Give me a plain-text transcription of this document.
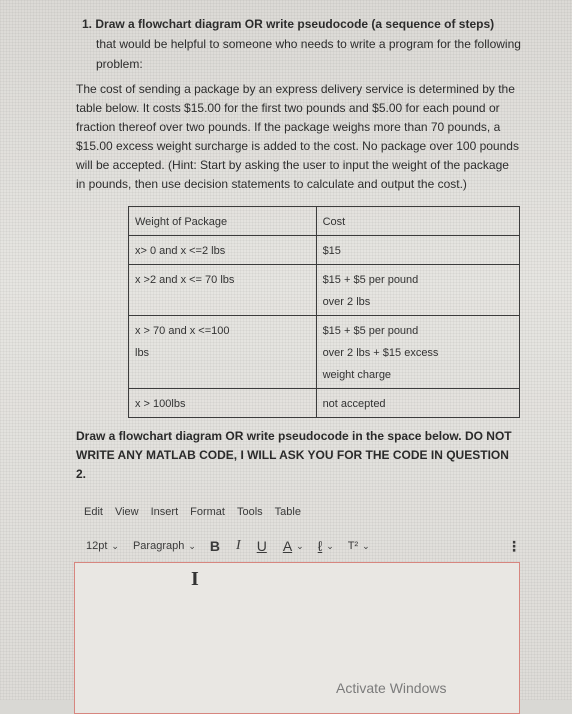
1. Draw a flowchart diagram OR write pseudocode (a sequence of steps)
that would be helpful to someone who needs to write a program for the following problem:
The cost of sending a package by an express delivery service is determined by the table below. It costs $15.00 for the first two pounds and $5.00 for each pound or fraction thereof over two pounds. If the package weighs more than 70 pounds, a $15.00 excess weight surcharge is added to the cost. No package over 100 pounds will be accepted. (Hint: Start by asking the user to input the weight of the package in pounds, then use decision statements to calculate and output the cost.)
Weight of Package	Cost

x> 0 and x <=2 lbs	$15

x >2 and x <= 70 lbs	$15 + $5 per pound
over 2 lbs

x > 70 and x <=100
lbs	$15 + $5 per pound
over 2 lbs + $15 excess
weight charge

x > 100lbs	not accepted
Draw a flowchart diagram OR write pseudocode in the space below. DO NOT WRITE ANY MATLAB CODE, I WILL ASK YOU FOR THE CODE IN QUESTION 2.
Edit View Insert Format Tools Table
12pt ⌄ Paragraph ⌄ B I U A ⌄ ℓ ⌄ T² ⌄	⋮
I
Activate Windows
